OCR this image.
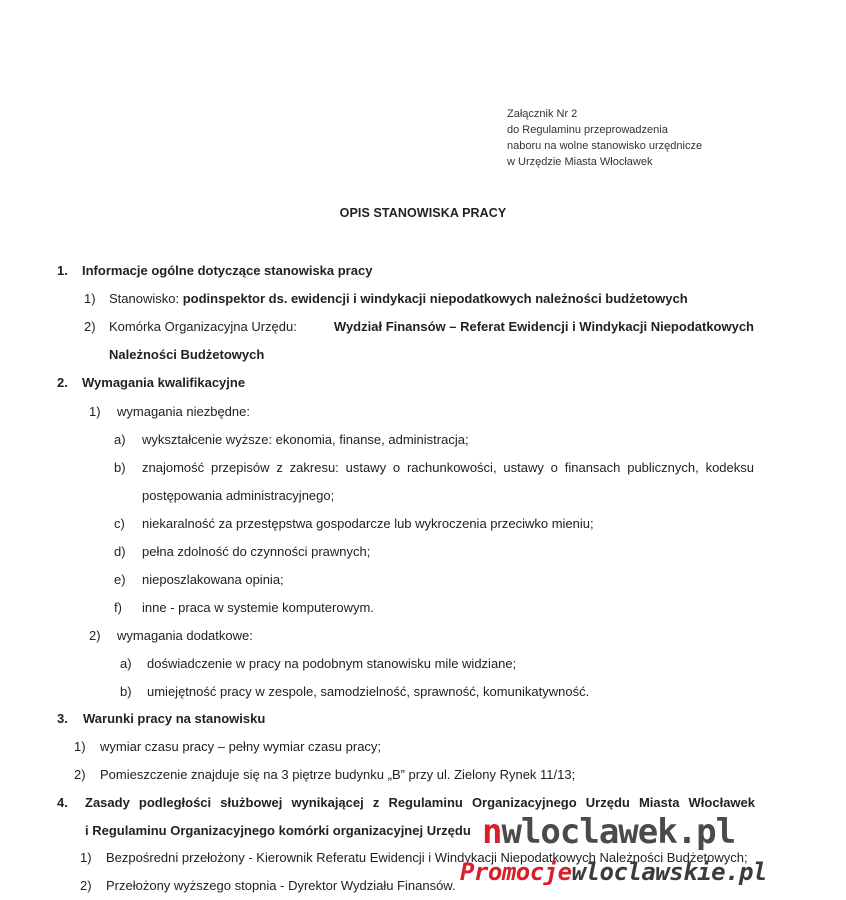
Załącznik Nr 2
do Regulaminu przeprowadzenia
naboru na wolne stanowisko urzędnicze
w Urzędzie Miasta Włocławek
OPIS STANOWISKA PRACY
1. Informacje ogólne dotyczące stanowiska pracy
1) Stanowisko: podinspektor ds. ewidencji i windykacji niepodatkowych należności budżetowych
2)	Komórka Organizacyjna Urzędu:	Wydział Finansów – Referat Ewidencji i Windykacji Niepodatkowych
Należności Budżetowych
2. Wymagania kwalifikacyjne
1) wymagania niezbędne:
a) wykształcenie wyższe: ekonomia, finanse, administracja;
b)	znajomość przepisów z zakresu: ustawy o rachunkowości, ustawy o finansach publicznych, kodeksu
postępowania administracyjnego;
c) niekaralność za przestępstwa gospodarcze lub wykroczenia przeciwko mieniu;
d) pełna zdolność do czynności prawnych;
e) nieposzlakowana opinia;
f) inne - praca w systemie komputerowym.
2) wymagania dodatkowe:
a) doświadczenie w pracy na podobnym stanowisku mile widziane;
b) umiejętność pracy w zespole, samodzielność, sprawność, komunikatywność.
3. Warunki pracy na stanowisku
1) wymiar czasu pracy – pełny wymiar czasu pracy;
2) Pomieszczenie znajduje się na 3 piętrze budynku „B” przy ul. Zielony Rynek 11/13;
4.	Zasady podległości służbowej wynikającej z Regulaminu Organizacyjnego Urzędu Miasta Włocławek
i Regulaminu Organizacyjnego komórki organizacyjnej Urzędu
1) Bezpośredni przełożony - Kierownik Referatu Ewidencji i Windykacji Niepodatkowych Należności Budżetowych;
2) Przełożony wyższego stopnia - Dyrektor Wydziału Finansów.
nwloclawek.pl
Promocjewloclawskie.pl
